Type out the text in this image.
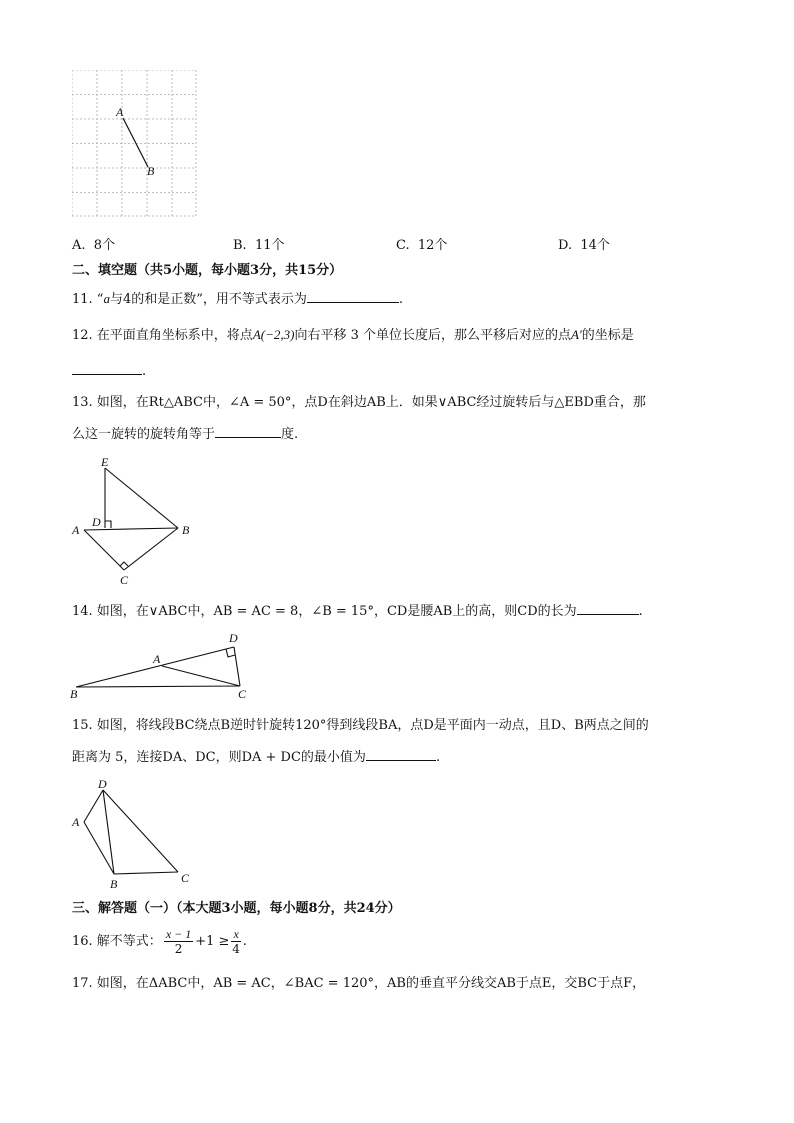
A
B
A. 8个	B. 11个	C. 12个	D. 14个
二、填空题（共5小题，每小题3分，共15分）
11. “a与4的和是正数”，用不等式表示为	.
12. 在平面直角坐标系中，将点A(−2,3)向右平移 3 个单位长度后，那么平移后对应的点A′的坐标是
.
13. 如图，在Rt△ABC中，∠A = 50°，点D在斜边AB上．如果∨ABC经过旋转后与△EBD重合，那
么这一旋转的旋转角等于	度.
E
D
A	B
C
14. 如图，在∨ABC中，AB = AC = 8，∠B = 15°，CD是腰AB上的高，则CD的长为	.
D
A
B	C
15. 如图，将线段BC绕点B逆时针旋转120°得到线段BA，点D是平面内一动点，且D、B两点之间的
距离为 5，连接DA、DC，则DA + DC的最小值为	.
D
A
B	C
三、解答题（一）（本大题3小题，每小题8分，共24分）
16. 解不等式： $\frac{x - 1}{2} +1 \ge \frac{x}{4}$ .
17. 如图，在ΔABC中，AB = AC，∠BAC = 120°，AB的垂直平分线交AB于点E，交BC于点F，
